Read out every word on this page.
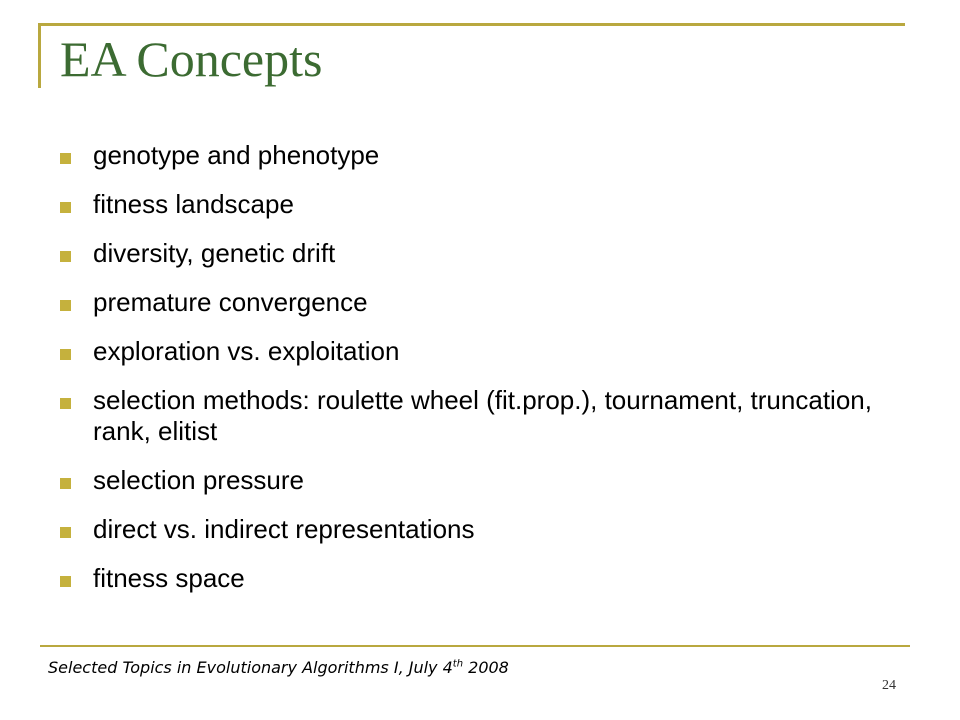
EA Concepts
genotype and phenotype
fitness landscape
diversity, genetic drift
premature convergence
exploration vs. exploitation
selection methods: roulette wheel (fit.prop.), tournament, truncation, rank, elitist
selection pressure
direct vs. indirect representations
fitness space
Selected Topics in Evolutionary Algorithms I, July 4th 2008
24
